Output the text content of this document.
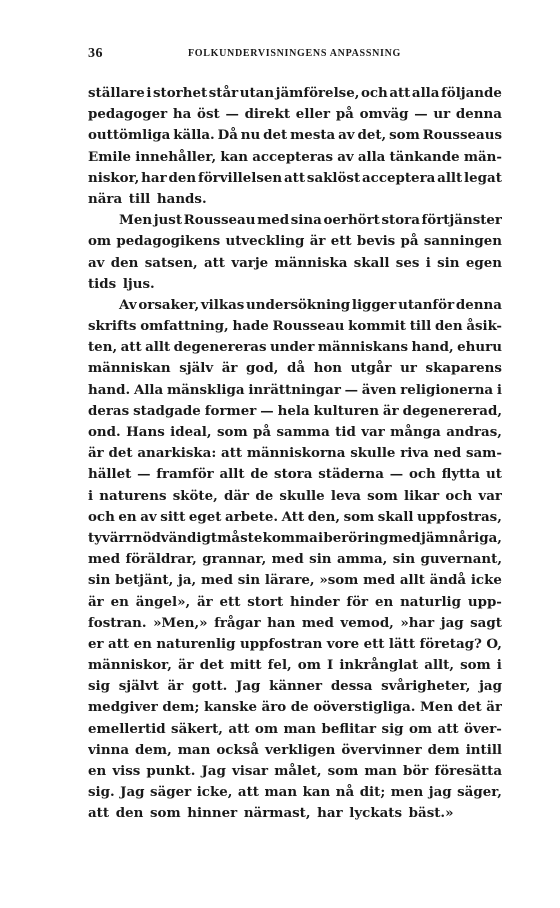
36	FOLKUNDERVISNINGENS ANPASSNING
ställare i storhet står utan jämförelse, och att alla följande
pedagoger ha öst — direkt eller på omväg — ur denna
outtömliga källa. Då nu det mesta av det, som Rousseaus
Emile innehåller, kan accepteras av alla tänkande män-
niskor, har den förvillelsen att saklöst acceptera allt legat
nära till hands.
Men just Rousseau med sina oerhört stora förtjänster
om pedagogikens utveckling är ett bevis på sanningen
av den satsen, att varje människa skall ses i sin egen
tids ljus.
Av orsaker, vilkas undersökning ligger utanför denna
skrifts omfattning, hade Rousseau kommit till den åsik-
ten, att allt degenereras under människans hand, ehuru
människan själv är god, då hon utgår ur skaparens
hand. Alla mänskliga inrättningar — även religionerna i
deras stadgade former — hela kulturen är degenererad,
ond. Hans ideal, som på samma tid var många andras,
är det anarkiska: att människorna skulle riva ned sam-
hället — framför allt de stora städerna — och flytta ut
i naturens sköte, där de skulle leva som likar och var
och en av sitt eget arbete. Att den, som skall uppfostras,
tyvärr nödvändigt måste komma i beröring med jämnåriga,
med föräldrar, grannar, med sin amma, sin guvernant,
sin betjänt, ja, med sin lärare, »som med allt ändå icke
är en ängel», är ett stort hinder för en naturlig upp-
fostran. »Men,» frågar han med vemod, »har jag sagt
er att en naturenlig uppfostran vore ett lätt företag? O,
människor, är det mitt fel, om I inkrånglat allt, som i
sig självt är gott. Jag känner dessa svårigheter, jag
medgiver dem; kanske äro de oöverstigliga. Men det är
emellertid säkert, att om man beflitar sig om att över-
vinna dem, man också verkligen övervinner dem intill
en viss punkt. Jag visar målet, som man bör föresätta
sig. Jag säger icke, att man kan nå dit; men jag säger,
att den som hinner närmast, har lyckats bäst.»
